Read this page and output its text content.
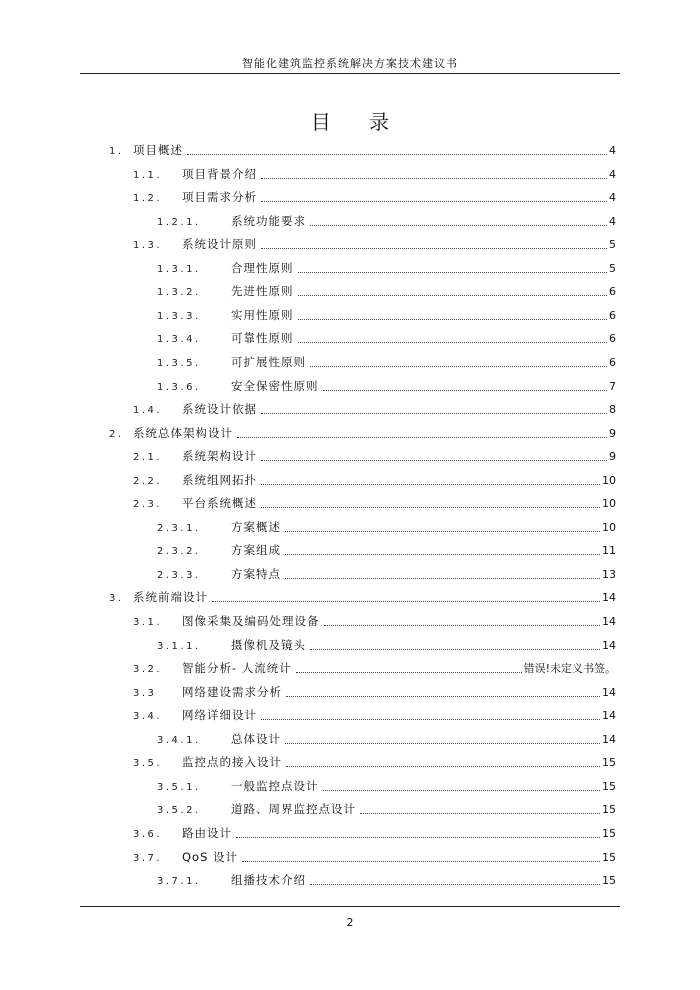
智能化建筑监控系统解决方案技术建议书
目 录
1. 项目概述	4
1.1.	项目背景介绍	4
1.2.	项目需求分析	4
1.2.1.	系统功能要求	4
1.3.	系统设计原则	5
1.3.1.	合理性原则	5
1.3.2.	先进性原则	6
1.3.3.	实用性原则	6
1.3.4.	可靠性原则	6
1.3.5.	可扩展性原则	6
1.3.6.	安全保密性原则	7
1.4.	系统设计依据	8
2. 系统总体架构设计	9
2.1.	系统架构设计	9
2.2.	系统组网拓扑	10
2.3.	平台系统概述	10
2.3.1.	方案概述	10
2.3.2.	方案组成	11
2.3.3.	方案特点	13
3. 系统前端设计	14
3.1.	图像采集及编码处理设备	14
3.1.1.	摄像机及镜头	14
3.2.	智能分析- 人流统计	错误!未定义书签。
3.3	网络建设需求分析	14
3.4.	网络详细设计	14
3.4.1.	总体设计	14
3.5.	监控点的接入设计	15
3.5.1.	一般监控点设计	15
3.5.2.	道路、周界监控点设计	15
3.6.	路由设计	15
3.7.	QoS 设计	15
3.7.1.	组播技术介绍	15
2
